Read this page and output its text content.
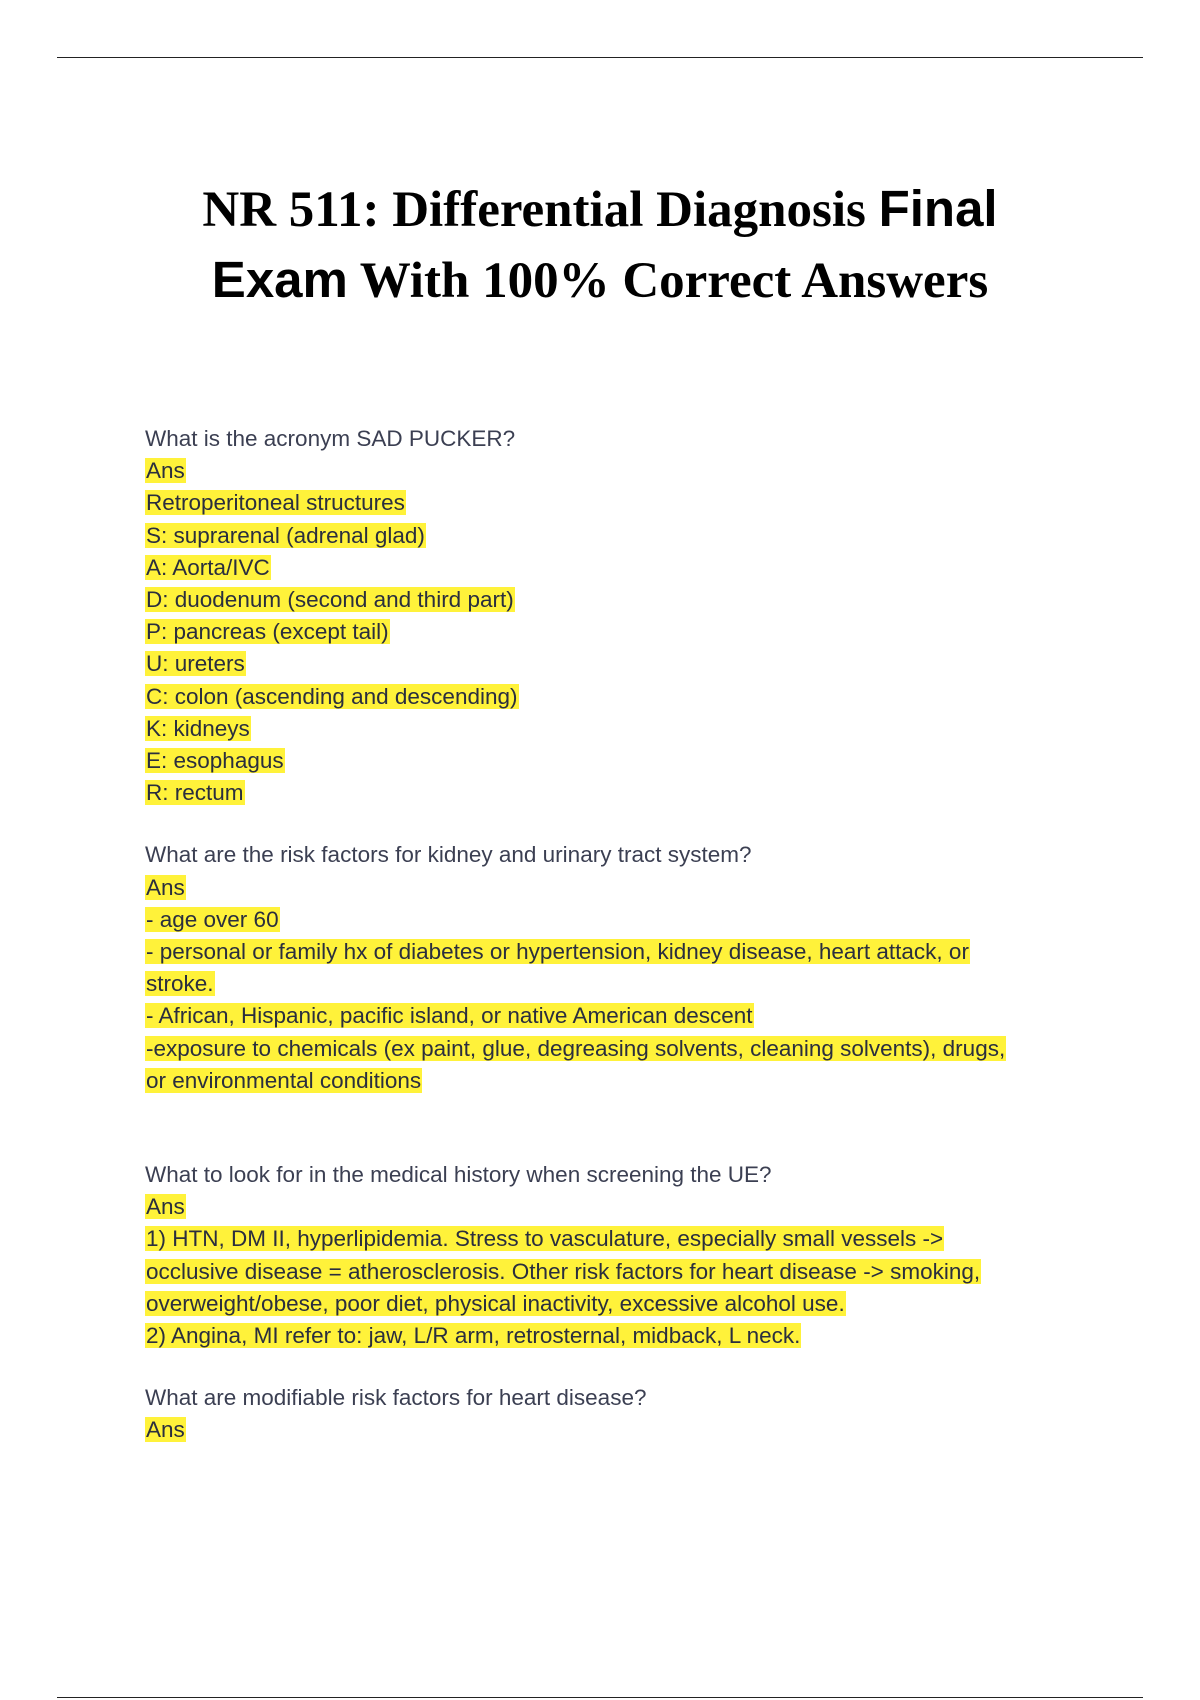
NR 511: Differential Diagnosis Final
Exam With 100% Correct Answers
What is the acronym SAD PUCKER?
Ans
Retroperitoneal structures
S: suprarenal (adrenal glad)
A: Aorta/IVC
D: duodenum (second and third part)
P: pancreas (except tail)
U: ureters
C: colon (ascending and descending)
K: kidneys
E: esophagus
R: rectum
What are the risk factors for kidney and urinary tract system?
Ans
- age over 60
- personal or family hx of diabetes or hypertension, kidney disease, heart attack, or
stroke.
- African, Hispanic, pacific island, or native American descent
-exposure to chemicals (ex paint, glue, degreasing solvents, cleaning solvents), drugs,
or environmental conditions
What to look for in the medical history when screening the UE?
Ans
1) HTN, DM II, hyperlipidemia. Stress to vasculature, especially small vessels ->
occlusive disease = atherosclerosis. Other risk factors for heart disease -> smoking,
overweight/obese, poor diet, physical inactivity, excessive alcohol use.
2) Angina, MI refer to: jaw, L/R arm, retrosternal, midback, L neck.
What are modifiable risk factors for heart disease?
Ans
